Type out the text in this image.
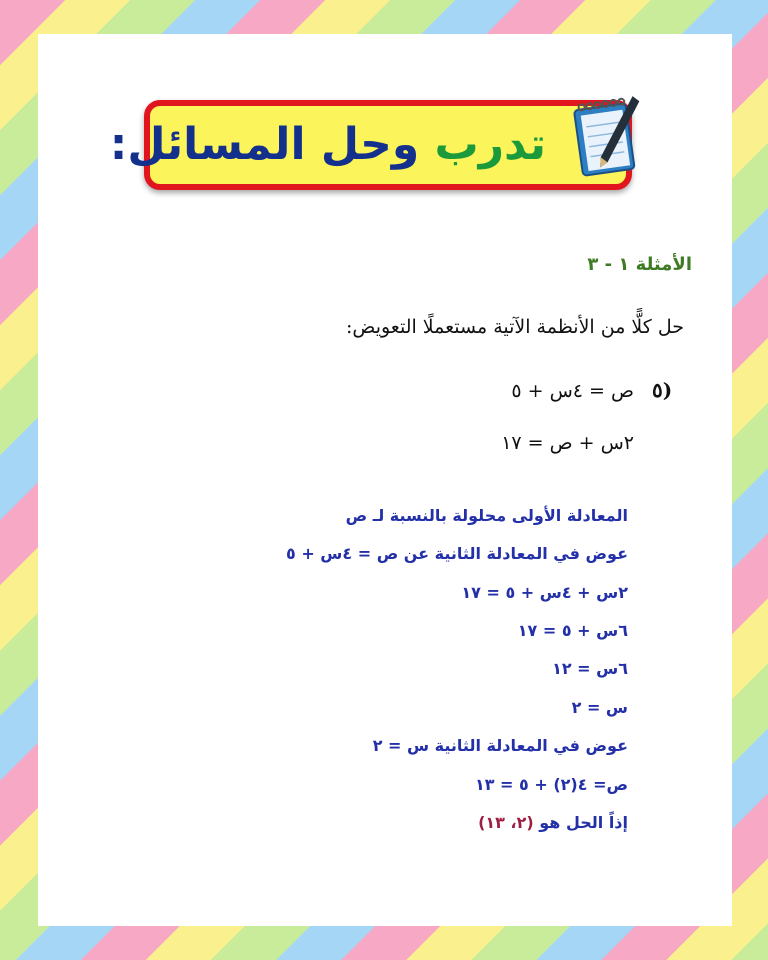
تدرب وحل المسائل:
الأمثلة ١ - ٣
حل كلًّا من الأنظمة الآتية مستعملًا التعويض:
٥)
ص = ٤س + ٥
٢س + ص = ١٧
المعادلة الأولى محلولة بالنسبة لـ ص
عوض في المعادلة الثانية عن ص = ٤س + ٥
٢س + ٤س + ٥ = ١٧
٦س + ٥ = ١٧
٦س = ١٢
س = ٢
عوض في المعادلة الثانية س = ٢
ص= ٤(٢) + ٥ = ١٣
إذاً الحل هو (٢، ١٣)
